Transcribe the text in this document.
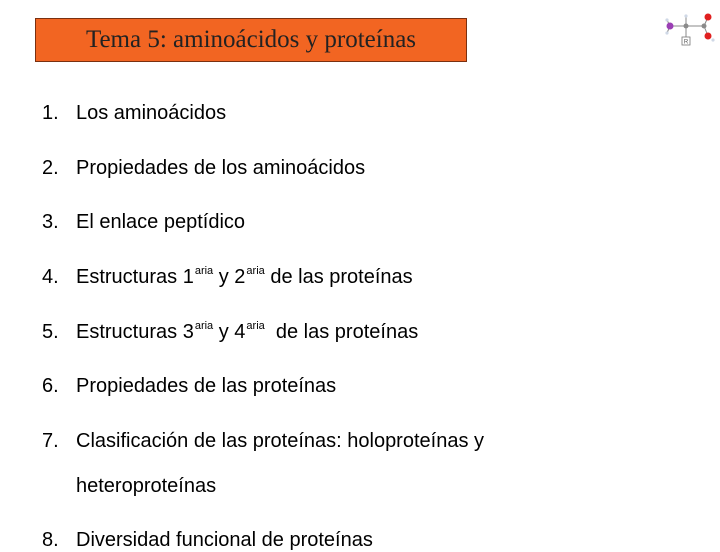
Tema 5: aminoácidos y proteínas	R
1. Los aminoácidos
2. Propiedades de los aminoácidos
3. El enlace peptídico
4. Estructuras $1^{aria}$ y $2^{aria}$ de las proteínas
5. Estructuras $3^{aria}$ y $4^{aria}$  de las proteínas
6. Propiedades de las proteínas
7. Clasificación de las proteínas: holoproteínas y
heteroproteínas
8. Diversidad funcional de proteínas
